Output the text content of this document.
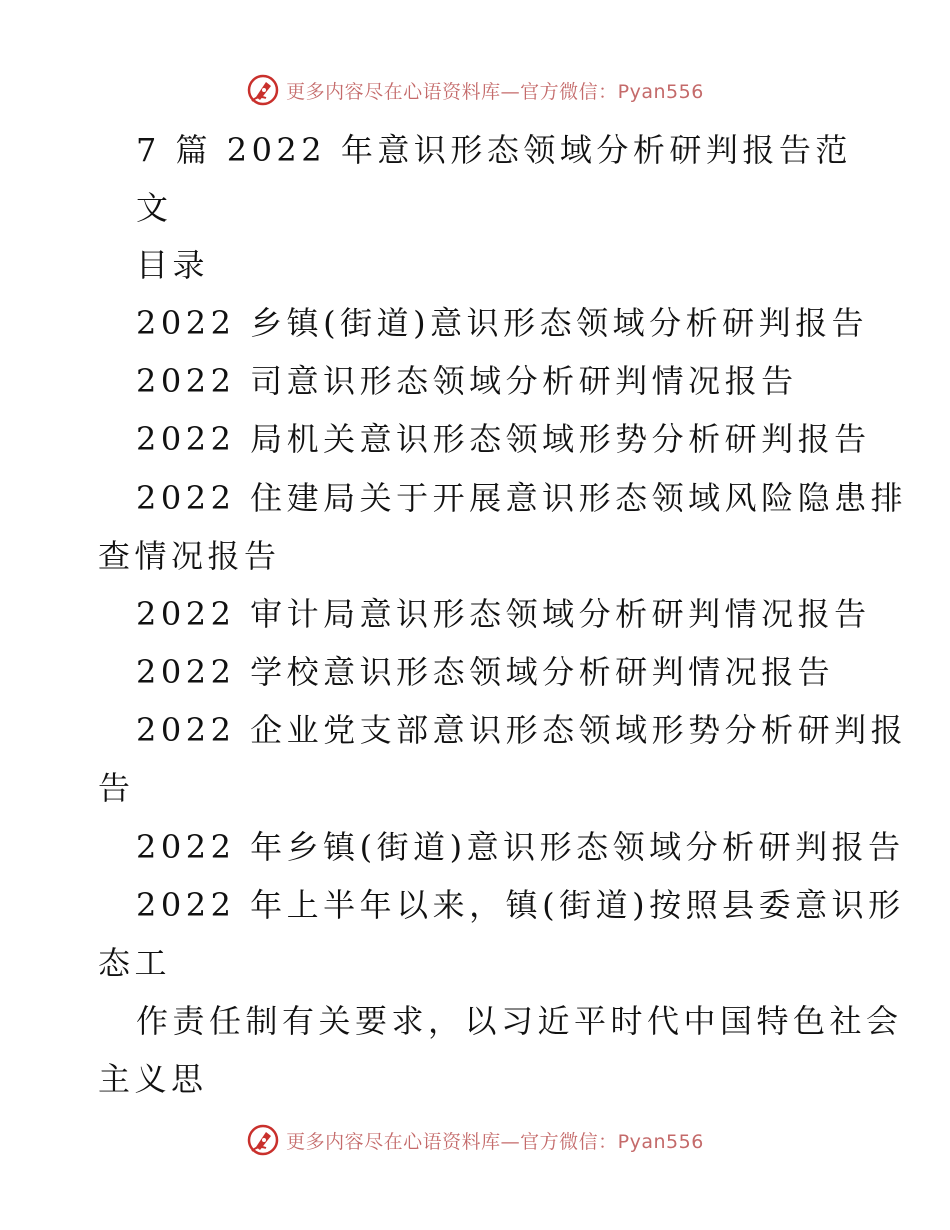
更多内容尽在心语资料库—官方微信：Pyan556
7 篇 2022 年意识形态领域分析研判报告范
文
目录
2022 乡镇(街道)意识形态领域分析研判报告
2022 司意识形态领域分析研判情况报告
2022 局机关意识形态领域形势分析研判报告
2022 住建局关于开展意识形态领域风险隐患排
查情况报告
2022 审计局意识形态领域分析研判情况报告
2022 学校意识形态领域分析研判情况报告
2022 企业党支部意识形态领域形势分析研判报
告
2022 年乡镇(街道)意识形态领域分析研判报告
2022 年上半年以来，镇(街道)按照县委意识形
态工
作责任制有关要求，以习近平时代中国特色社会
主义思
更多内容尽在心语资料库—官方微信：Pyan556
